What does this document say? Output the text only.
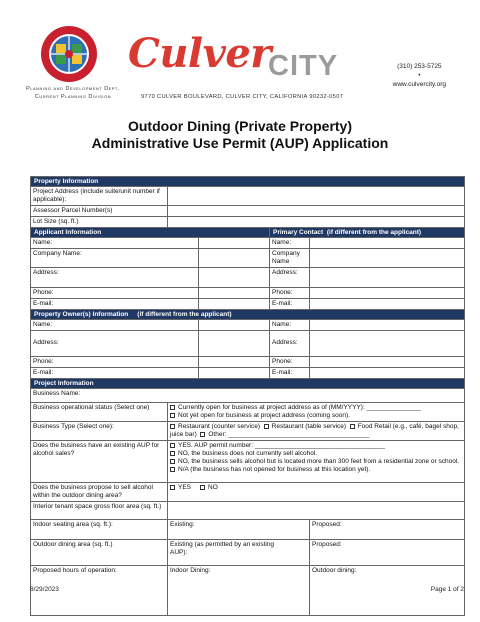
Planning and Development Dept.
Current Planning Division
Culver
CITY
9770 CULVER BOULEVARD, CULVER CITY, CALIFORNIA 90232-0507
(310) 253-5725
•
www.culvercity.org
Outdoor Dining (Private Property)
Administrative Use Permit (AUP) Application
Property Information				
Project Address (include suite/unit number if applicable):				
Assessor Parcel Number(s)				
Lot Size (sq. ft.)				
Applicant Information			Primary Contact (if different from the applicant)	
Name:			Name:	
Company Name:			Company Name	
Address:			Address:	
Phone:			Phone:	
E-mail:			E-mail:	
Property Owner(s) Information (if different from the applicant)				
Name:			Name:	

Address:			Address:	

Phone:			Phone:	
E-mail:			E-mail:	
Project Information				
Business Name:				
Business operational status (Select one)	Currently open for business at project address as of (MM/YYYY): _______________
Not yet open for business at project address (coming soon).			

Business Type (Select one):	Restaurant (counter service) Restaurant (table service) Food Retail (e.g., café, bagel shop, juice bar) Other: _______________________________________			

Does the business have an existing AUP for alcohol sales?	YES. AUP permit number: ____________________________________
NO, the business does not currently sell alcohol.
NO, the business sells alcohol but is located more than 300 feet from a residential zone or school.
N/A (the business has not opened for business at this location yet).			

Does the business propose to sell alcohol within the outdoor dining area?	YES NO			
Interior tenant space gross floor area (sq. ft.)				
Indoor seating area (sq. ft.):	Existing:			Proposed:
Outdoor dining area (sq. ft.)	Existing (as permitted by an existing AUP):			Proposed:
Proposed hours of operation:	Indoor Dining:			Outdoor dining:
8/29/2023	Page 1 of 2
